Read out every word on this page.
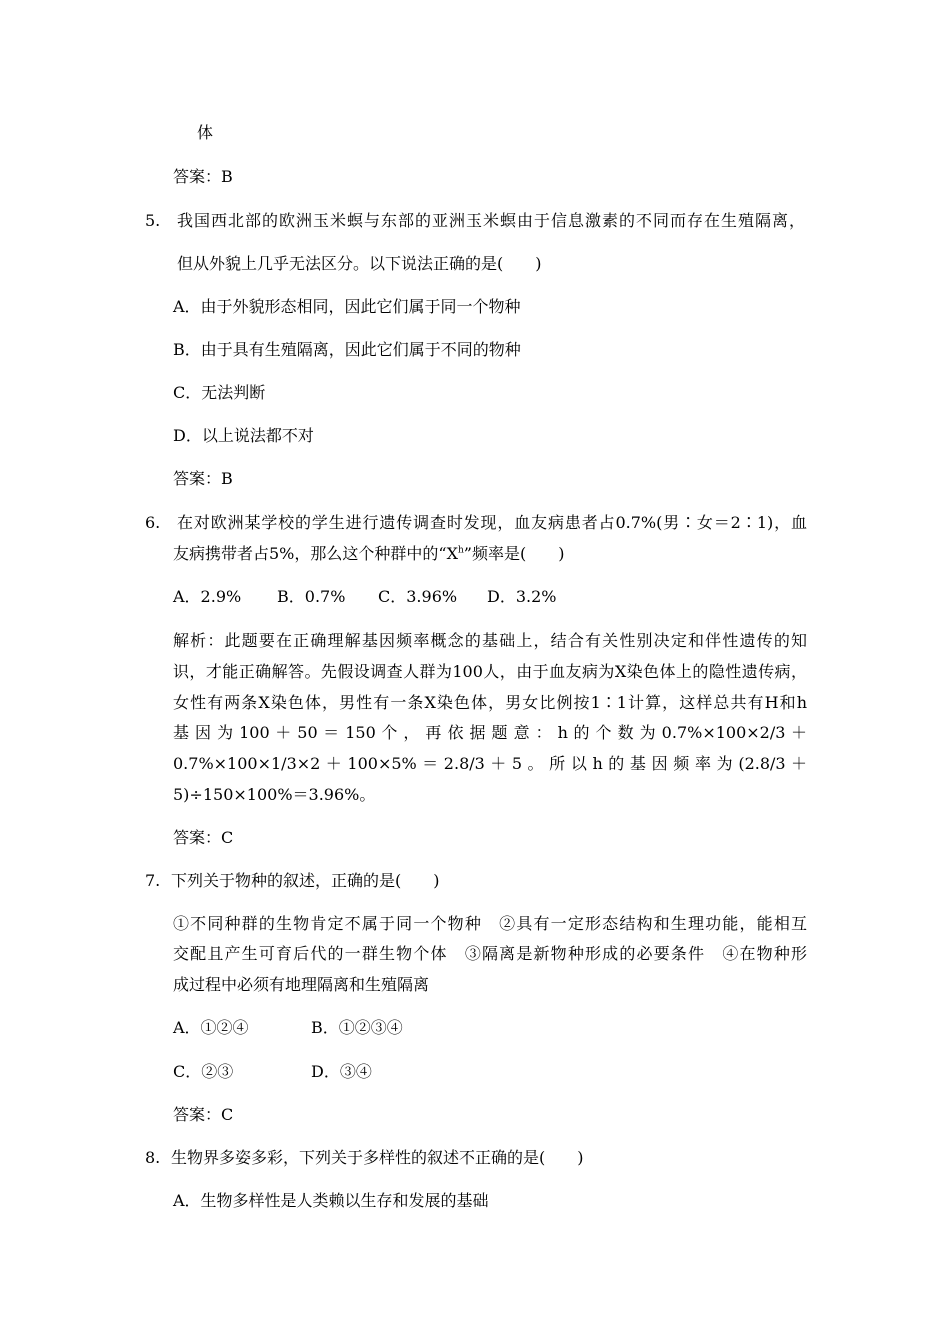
体
答案：B
5. 我国西北部的欧洲玉米螟与东部的亚洲玉米螟由于信息激素的不同而存在生殖隔离，
但从外貌上几乎无法区分。以下说法正确的是(　　)
A．由于外貌形态相同，因此它们属于同一个物种
B．由于具有生殖隔离，因此它们属于不同的物种
C．无法判断
D．以上说法都不对
答案：B
6. 在对欧洲某学校的学生进行遗传调查时发现，血友病患者占0.7%(男∶女＝2∶1)，血
友病携带者占5%，那么这个种群中的“$X^h$”频率是(　　)
A．2.9% B．0.7% C．3.96% D．3.2%
解析：此题要在正确理解基因频率概念的基础上，结合有关性别决定和伴性遗传的知
识，才能正确解答。先假设调查人群为100人，由于血友病为X染色体上的隐性遗传病，
女性有两条X染色体，男性有一条X染色体，男女比例按1∶1计算，这样总共有H和h
基 因 为 100 ＋ 50 ＝ 150 个 ， 再 依 据 题 意 ： h 的 个 数 为 0.7%×100×2/3 ＋
0.7%×100×1/3×2 ＋ 100×5% ＝ 2.8/3 ＋ 5 。 所 以 h 的 基 因 频 率 为 (2.8/3 ＋
5)÷150×100%＝3.96%。
答案：C
7. 下列关于物种的叙述，正确的是(　　)
①不同种群的生物肯定不属于同一个物种　②具有一定形态结构和生理功能，能相互
交配且产生可育后代的一群生物个体　③隔离是新物种形成的必要条件　④在物种形
成过程中必须有地理隔离和生殖隔离
A．①②④	B．①②③④
C．②③	D．③④
答案：C
8. 生物界多姿多彩，下列关于多样性的叙述不正确的是(　　)
A．生物多样性是人类赖以生存和发展的基础
